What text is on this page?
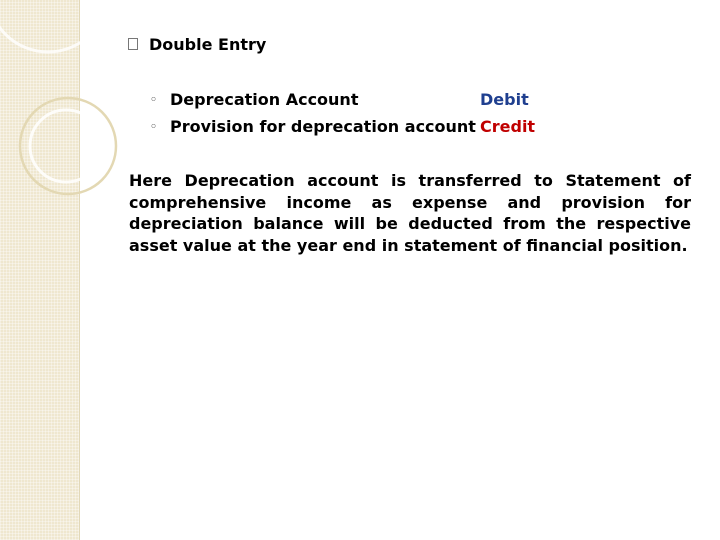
Double Entry
◦ Deprecation Account	Debit
◦ Provision for deprecation account Credit

Here Deprecation account is transferred to Statement of comprehensive income as expense and provision for depreciation balance will be deducted from the respective asset value at the year end in statement of financial position.
